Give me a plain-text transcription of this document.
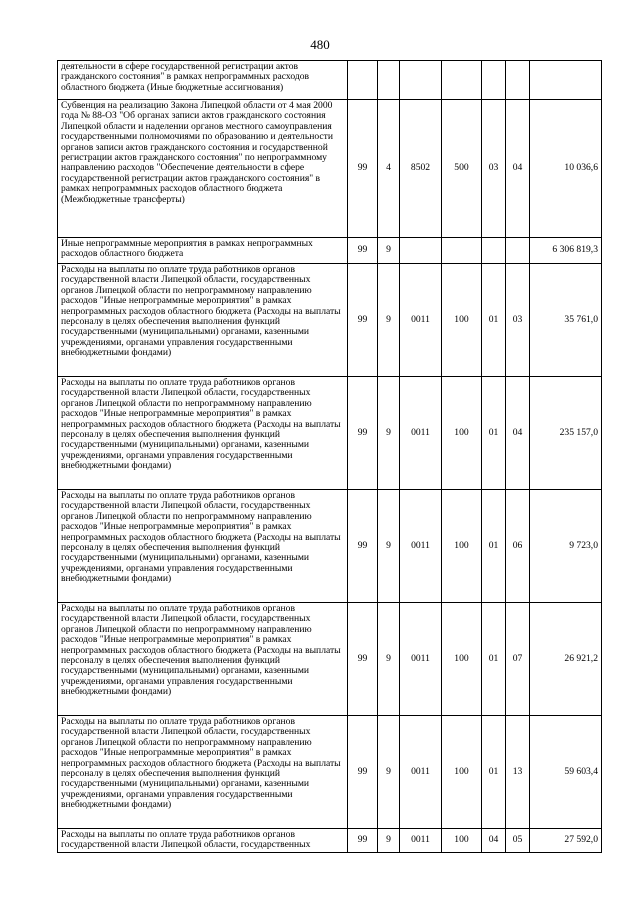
480
деятельности в сфере государственной регистрации актов гражданского состояния" в рамках непрограммных расходов областного бюджета (Иные бюджетные ассигнования)							
Субвенция на реализацию Закона Липецкой области от 4 мая 2000 года № 88-ОЗ "Об органах записи актов гражданского состояния Липецкой области и наделении органов местного самоуправления государственными полномочиями по образованию и деятельности органов записи актов гражданского состояния и государственной регистрации актов гражданского состояния" по непрограммному направлению расходов "Обеспечение деятельности в сфере государственной регистрации актов гражданского состояния" в рамках непрограммных расходов областного бюджета (Межбюджетные трансферты)	99	4	8502	500	03	04	10 036,6
Иные непрограммные мероприятия в рамках непрограммных расходов областного бюджета	99	9					6 306 819,3
Расходы на выплаты по оплате труда работников органов государственной власти Липецкой области, государственных органов Липецкой области по непрограммному направлению расходов "Иные непрограммные мероприятия" в рамках непрограммных расходов областного бюджета (Расходы на выплаты персоналу в целях обеспечения выполнения функций государственными (муниципальными) органами, казенными учреждениями, органами управления государственными внебюджетными фондами)	99	9	0011	100	01	03	35 761,0
Расходы на выплаты по оплате труда работников органов государственной власти Липецкой области, государственных органов Липецкой области по непрограммному направлению расходов "Иные непрограммные мероприятия" в рамках непрограммных расходов областного бюджета (Расходы на выплаты персоналу в целях обеспечения выполнения функций государственными (муниципальными) органами, казенными учреждениями, органами управления государственными внебюджетными фондами)	99	9	0011	100	01	04	235 157,0
Расходы на выплаты по оплате труда работников органов государственной власти Липецкой области, государственных органов Липецкой области по непрограммному направлению расходов "Иные непрограммные мероприятия" в рамках непрограммных расходов областного бюджета (Расходы на выплаты персоналу в целях обеспечения выполнения функций государственными (муниципальными) органами, казенными учреждениями, органами управления государственными внебюджетными фондами)	99	9	0011	100	01	06	9 723,0
Расходы на выплаты по оплате труда работников органов государственной власти Липецкой области, государственных органов Липецкой области по непрограммному направлению расходов "Иные непрограммные мероприятия" в рамках непрограммных расходов областного бюджета (Расходы на выплаты персоналу в целях обеспечения выполнения функций государственными (муниципальными) органами, казенными учреждениями, органами управления государственными внебюджетными фондами)	99	9	0011	100	01	07	26 921,2
Расходы на выплаты по оплате труда работников органов государственной власти Липецкой области, государственных органов Липецкой области по непрограммному направлению расходов "Иные непрограммные мероприятия" в рамках непрограммных расходов областного бюджета (Расходы на выплаты персоналу в целях обеспечения выполнения функций государственными (муниципальными) органами, казенными учреждениями, органами управления государственными внебюджетными фондами)	99	9	0011	100	01	13	59 603,4
Расходы на выплаты по оплате труда работников органов государственной власти Липецкой области, государственных	99	9	0011	100	04	05	27 592,0
